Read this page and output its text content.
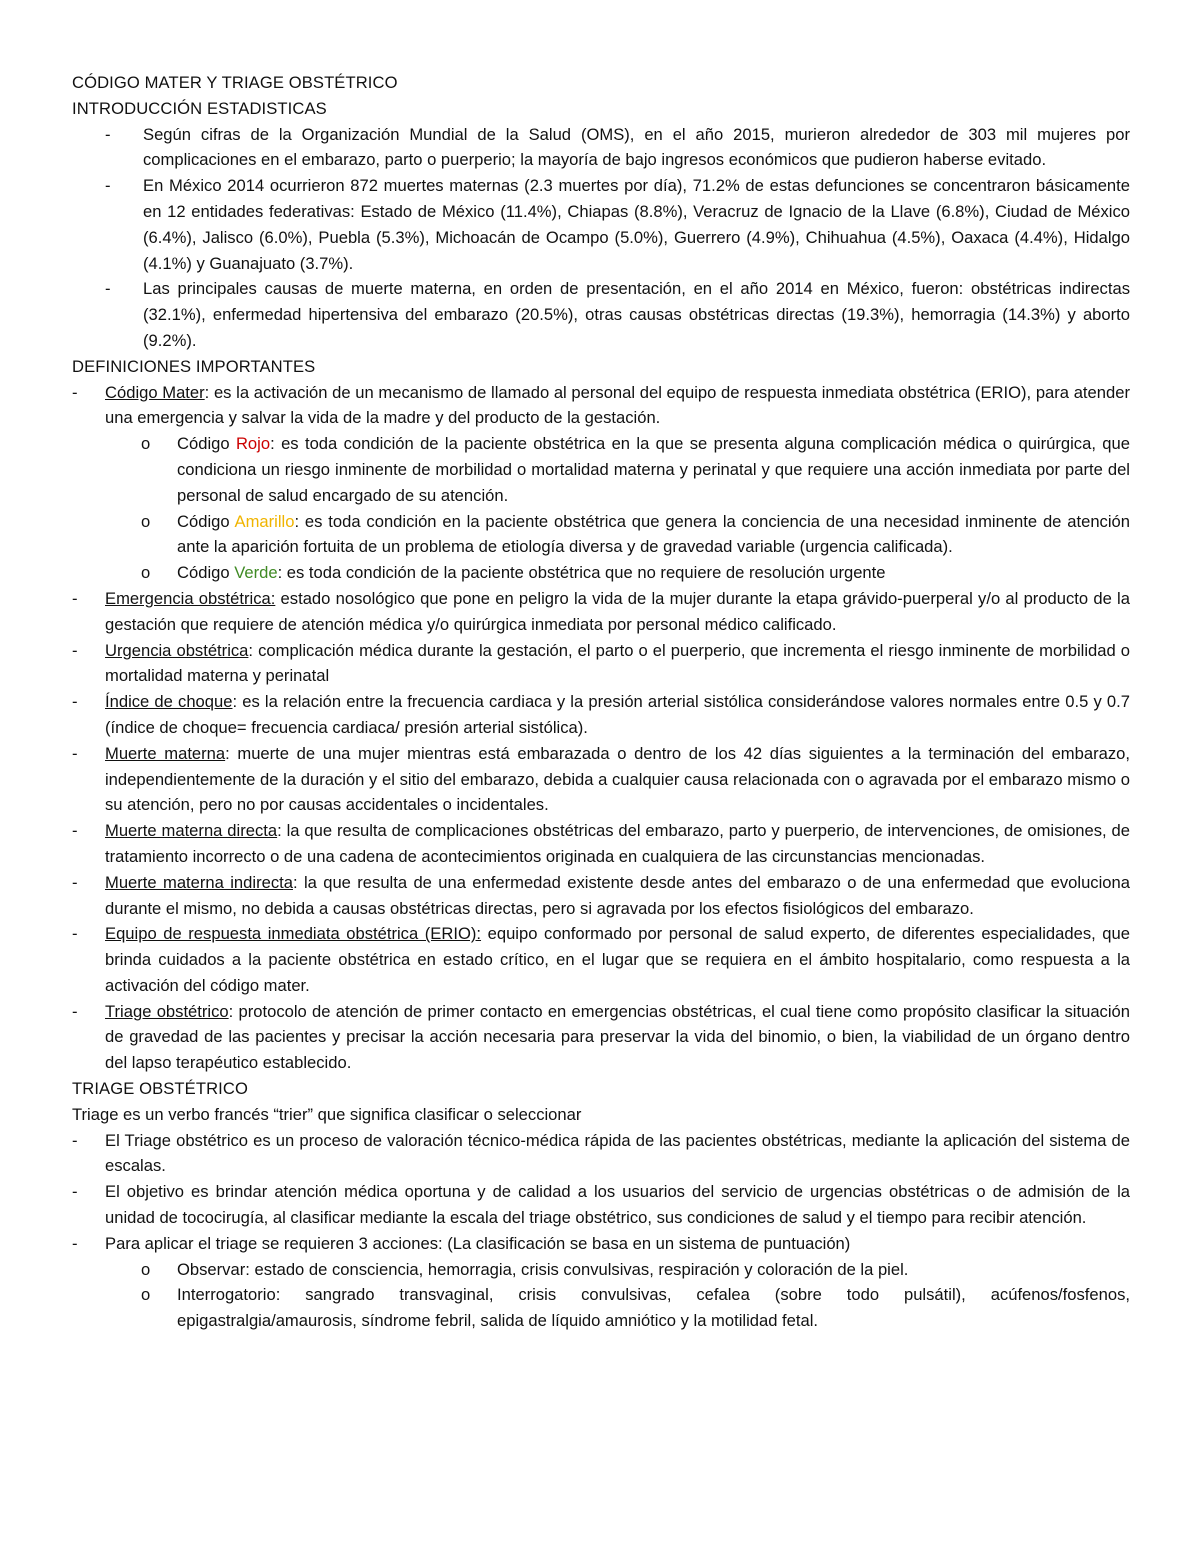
CÓDIGO MATER Y TRIAGE OBSTÉTRICO
INTRODUCCIÓN ESTADISTICAS
- Según cifras de la Organización Mundial de la Salud (OMS), en el año 2015, murieron alrededor de 303 mil mujeres por complicaciones en el embarazo, parto o puerperio; la mayoría de bajo ingresos económicos que pudieron haberse evitado.
- En México 2014 ocurrieron 872 muertes maternas (2.3 muertes por día), 71.2% de estas defunciones se concentraron básicamente en 12 entidades federativas: Estado de México (11.4%), Chiapas (8.8%), Veracruz de Ignacio de la Llave (6.8%), Ciudad de México (6.4%), Jalisco (6.0%), Puebla (5.3%), Michoacán de Ocampo (5.0%), Guerrero (4.9%), Chihuahua (4.5%), Oaxaca (4.4%), Hidalgo (4.1%) y Guanajuato (3.7%).
- Las principales causas de muerte materna, en orden de presentación, en el año 2014 en México, fueron: obstétricas indirectas (32.1%), enfermedad hipertensiva del embarazo (20.5%), otras causas obstétricas directas (19.3%), hemorragia (14.3%) y aborto (9.2%).
DEFINICIONES IMPORTANTES
- Código Mater: es la activación de un mecanismo de llamado al personal del equipo de respuesta inmediata obstétrica (ERIO), para atender una emergencia y salvar la vida de la madre y del producto de la gestación.
o Código Rojo: es toda condición de la paciente obstétrica en la que se presenta alguna complicación médica o quirúrgica, que condiciona un riesgo inminente de morbilidad o mortalidad materna y perinatal y que requiere una acción inmediata por parte del personal de salud encargado de su atención.
o Código Amarillo: es toda condición en la paciente obstétrica que genera la conciencia de una necesidad inminente de atención ante la aparición fortuita de un problema de etiología diversa y de gravedad variable (urgencia calificada).
o Código Verde: es toda condición de la paciente obstétrica que no requiere de resolución urgente
- Emergencia obstétrica: estado nosológico que pone en peligro la vida de la mujer durante la etapa grávido-puerperal y/o al producto de la gestación que requiere de atención médica y/o quirúrgica inmediata por personal médico calificado.
- Urgencia obstétrica: complicación médica durante la gestación, el parto o el puerperio, que incrementa el riesgo inminente de morbilidad o mortalidad materna y perinatal
- Índice de choque: es la relación entre la frecuencia cardiaca y la presión arterial sistólica considerándose valores normales entre 0.5 y 0.7 (índice de choque= frecuencia cardiaca/ presión arterial sistólica).
- Muerte materna: muerte de una mujer mientras está embarazada o dentro de los 42 días siguientes a la terminación del embarazo, independientemente de la duración y el sitio del embarazo, debida a cualquier causa relacionada con o agravada por el embarazo mismo o su atención, pero no por causas accidentales o incidentales.
- Muerte materna directa: la que resulta de complicaciones obstétricas del embarazo, parto y puerperio, de intervenciones, de omisiones, de tratamiento incorrecto o de una cadena de acontecimientos originada en cualquiera de las circunstancias mencionadas.
- Muerte materna indirecta: la que resulta de una enfermedad existente desde antes del embarazo o de una enfermedad que evoluciona durante el mismo, no debida a causas obstétricas directas, pero si agravada por los efectos fisiológicos del embarazo.
- Equipo de respuesta inmediata obstétrica (ERIO): equipo conformado por personal de salud experto, de diferentes especialidades, que brinda cuidados a la paciente obstétrica en estado crítico, en el lugar que se requiera en el ámbito hospitalario, como respuesta a la activación del código mater.
- Triage obstétrico: protocolo de atención de primer contacto en emergencias obstétricas, el cual tiene como propósito clasificar la situación de gravedad de las pacientes y precisar la acción necesaria para preservar la vida del binomio, o bien, la viabilidad de un órgano dentro del lapso terapéutico establecido.
TRIAGE OBSTÉTRICO
Triage es un verbo francés “trier” que significa clasificar o seleccionar
- El Triage obstétrico es un proceso de valoración técnico-médica rápida de las pacientes obstétricas, mediante la aplicación del sistema de escalas.
- El objetivo es brindar atención médica oportuna y de calidad a los usuarios del servicio de urgencias obstétricas o de admisión de la unidad de tococirugía, al clasificar mediante la escala del triage obstétrico, sus condiciones de salud y el tiempo para recibir atención.
- Para aplicar el triage se requieren 3 acciones: (La clasificación se basa en un sistema de puntuación)
o Observar: estado de consciencia, hemorragia, crisis convulsivas, respiración y coloración de la piel.
o Interrogatorio: sangrado transvaginal, crisis convulsivas, cefalea (sobre todo pulsátil), acúfenos/fosfenos, epigastralgia/amaurosis, síndrome febril, salida de líquido amniótico y la motilidad fetal.
